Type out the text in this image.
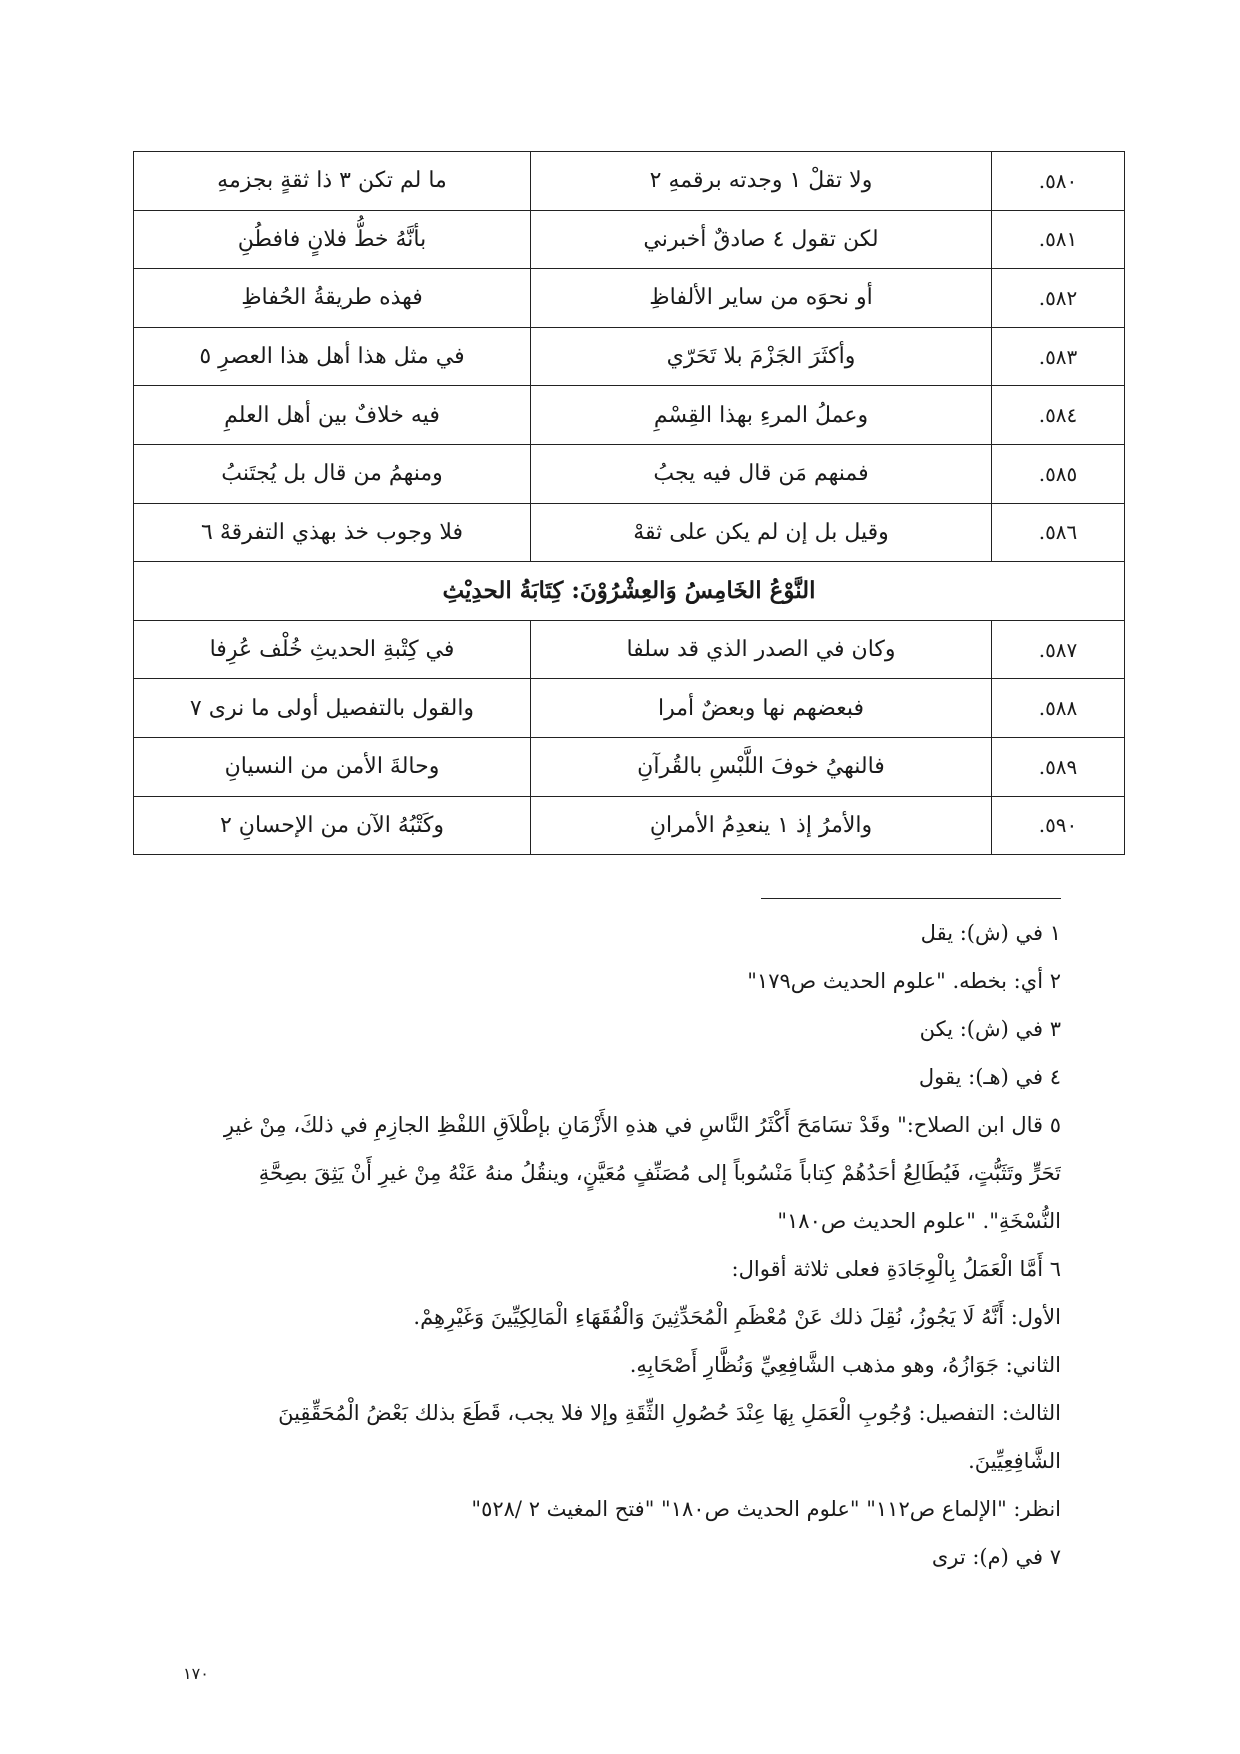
٥٨٠.	ولا تقلْ ١ وجدته برقمهِ ٢	ما لم تكن ٣ ذا ثقةٍ بجزمهِ
٥٨١.	لكن تقول ٤ صادقٌ أخبرني	بأنَّهُ خطُّ فلانٍ فافطُنِ
٥٨٢.	أو نحوَه من ساير الألفاظِ	فهذه طريقةُ الحُفاظِ
٥٨٣.	وأكثَرَ الجَزْمَ بلا تَحَرّي	في مثل هذا أهل هذا العصرِ ٥
٥٨٤.	وعملُ المرءِ بهذا القِسْمِ	فيه خلافٌ بين أهل العلمِ
٥٨٥.	فمنهم مَن قال فيه يجبُ	ومنهمُ من قال بل يُجتَنبُ
٥٨٦.	وقيل بل إن لم يكن على ثقهْ	فلا وجوب خذ بهذي التفرقهْ ٦
النَّوْعُ الخَامِسُ وَالعِشْرُوْنَ: كِتَابَةُ الحدِيْثِ		
٥٨٧.	وكان في الصدر الذي قد سلفا	في كِتْبةِ الحديثِ خُلْف عُرِفا
٥٨٨.	فبعضهم نها وبعضٌ أمرا	والقول بالتفصيل أولى ما نرى ٧
٥٨٩.	فالنهيُ خوفَ اللَّبْسِ بالقُرآنِ	وحالةَ الأمن من النسيانِ
٥٩٠.	والأمرُ إذ ١ ينعدِمُ الأمرانِ	وكَتْبُهُ الآن من الإحسانِ ٢
١ في (ش): يقل
٢ أي: بخطه. "علوم الحديث ص١٧٩"
٣ في (ش): يكن
٤ في (هـ): يقول
٥ قال ابن الصلاح:" وقَدْ تسَامَحَ أَكْثَرُ النَّاسِ في هذهِ الأَزْمَانِ بإطْلاَقِ اللفْظِ الجازِمِ في ذلكَ، مِنْ غيرِ
تَحَرٍّ وتَثَبُّتٍ، فَيُطَالِعُ أحَدُهُمْ كِتاباً مَنْسُوباً إلى مُصَنِّفٍ مُعَيَّنٍ، وينقُلُ منهُ عَنْهُ مِنْ غيرِ أَنْ يَثِقَ بصِحَّةِ
النُّسْخَةِ". "علوم الحديث ص١٨٠"
٦ أَمَّا الْعَمَلُ بِالْوِجَادَةِ فعلى ثلاثة أقوال:
الأول: أَنَّهُ لَا يَجُوزُ، نُقِلَ ذلك عَنْ مُعْظَمِ الْمُحَدِّثِينَ وَالْفُقَهَاءِ الْمَالِكِيِّينَ وَغَيْرِهِمْ.
الثاني: جَوَازُهُ، وهو مذهب الشَّافِعِيِّ وَنُظَّارِ أَصْحَابِهِ.
الثالث: التفصيل: وُجُوبِ الْعَمَلِ بِهَا عِنْدَ حُصُولِ الثِّقَةِ وإلا فلا يجب، قَطَعَ بذلك بَعْضُ الْمُحَقِّقِينَ
الشَّافِعِيِّينَ.
انظر: "الإلماع ص١١٢" "علوم الحديث ص١٨٠" "فتح المغيث ٢ /٥٢٨"
٧ في (م): ترى
١٧٠
